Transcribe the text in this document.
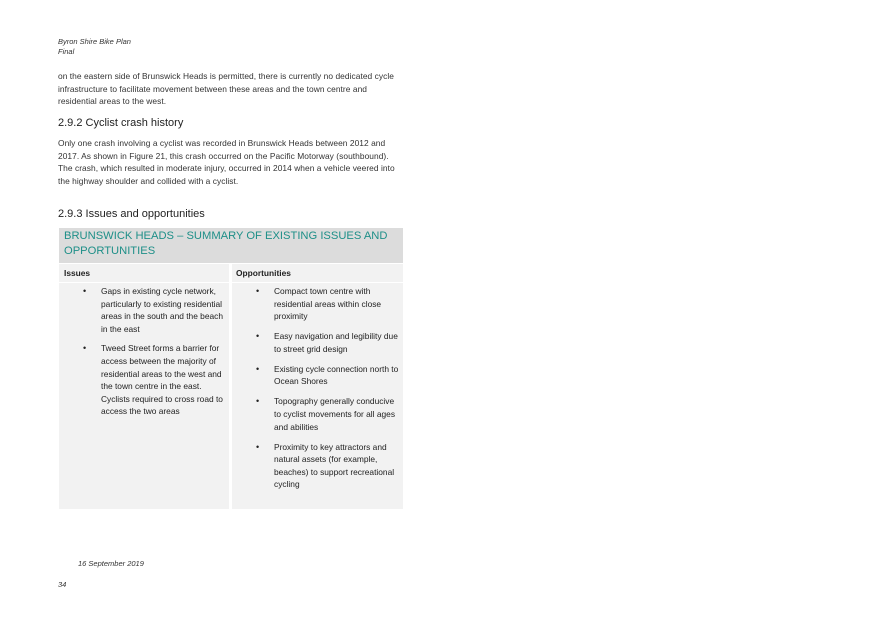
Byron Shire Bike Plan
Final
on the eastern side of Brunswick Heads is permitted, there is currently no dedicated cycle infrastructure to facilitate movement between these areas and the town centre and residential areas to the west.
2.9.2 Cyclist crash history
Only one crash involving a cyclist was recorded in Brunswick Heads between 2012 and 2017. As shown in Figure 21, this crash occurred on the Pacific Motorway (southbound). The crash, which resulted in moderate injury, occurred in 2014 when a vehicle veered into the highway shoulder and collided with a cyclist.
2.9.3 Issues and opportunities
BRUNSWICK HEADS – SUMMARY OF EXISTING ISSUES AND OPPORTUNITIES
Issues	Opportunities
• Gaps in existing cycle network, particularly to existing residential areas in the south and the beach in the east
• Tweed Street forms a barrier for access between the majority of residential areas to the west and the town centre in the east. Cyclists required to cross road to access the two areas
• Compact town centre with residential areas within close proximity
• Easy navigation and legibility due to street grid design
• Existing cycle connection north to Ocean Shores
• Topography generally conducive to cyclist movements for all ages and abilities
• Proximity to key attractors and natural assets (for example, beaches) to support recreational cycling
16 September 2019
34
